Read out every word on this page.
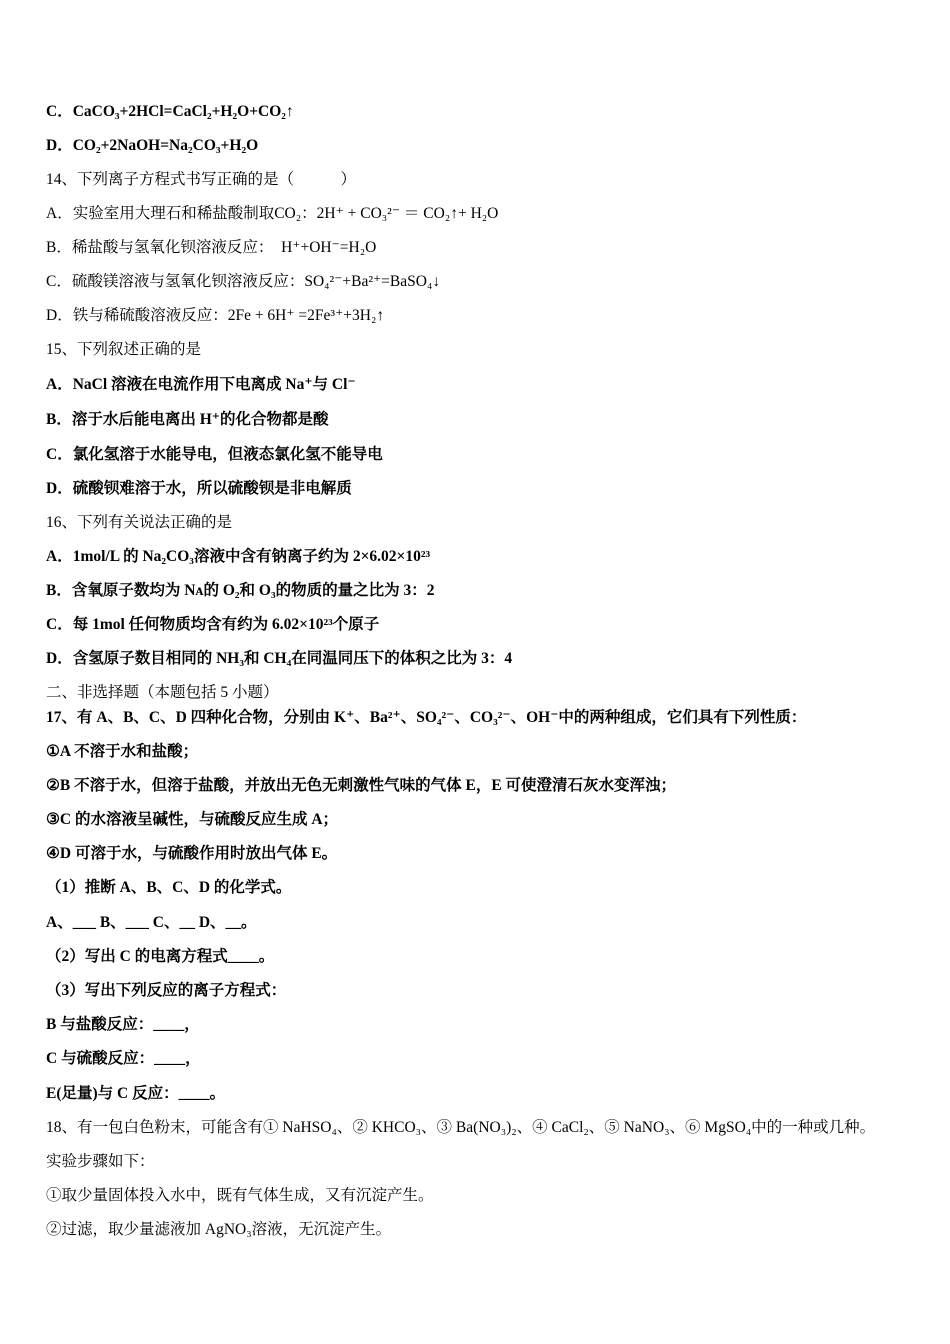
C．CaCO₃+2HCl=CaCl₂+H₂O+CO₂↑
D．CO₂+2NaOH=Na₂CO₃+H₂O
14、下列离子方程式书写正确的是（　　　）
A．实验室用大理石和稀盐酸制取CO₂：2H⁺ + CO₃²⁻ ＝ CO₂↑+ H₂O
B．稀盐酸与氢氧化钡溶液反应：　H⁺+OH⁻=H₂O
C．硫酸镁溶液与氢氧化钡溶液反应：SO₄²⁻+Ba²⁺=BaSO₄↓
D．铁与稀硫酸溶液反应：2Fe + 6H⁺ =2Fe³⁺+3H₂↑
15、下列叙述正确的是
A．NaCl 溶液在电流作用下电离成 Na⁺与 Cl⁻
B．溶于水后能电离出 H⁺的化合物都是酸
C．氯化氢溶于水能导电，但液态氯化氢不能导电
D．硫酸钡难溶于水，所以硫酸钡是非电解质
16、下列有关说法正确的是
A．1mol/L 的 Na₂CO₃溶液中含有钠离子约为 2×6.02×10²³
B．含氧原子数均为 Nᴀ的 O₂和 O₃的物质的量之比为 3：2
C．每 1mol 任何物质均含有约为 6.02×10²³个原子
D．含氢原子数目相同的 NH₃和 CH₄在同温同压下的体积之比为 3：4
二、非选择题（本题包括 5 小题）
17、有 A、B、C、D 四种化合物，分别由 K⁺、Ba²⁺、SO₄²⁻、CO₃²⁻、OH⁻中的两种组成，它们具有下列性质：
①A 不溶于水和盐酸；
②B 不溶于水，但溶于盐酸，并放出无色无刺激性气味的气体 E，E 可使澄清石灰水变浑浊；
③C 的水溶液呈碱性，与硫酸反应生成 A；
④D 可溶于水，与硫酸作用时放出气体 E。
（1）推断 A、B、C、D 的化学式。
A、___ B、___ C、__ D、__。
（2）写出 C 的电离方程式____。
（3）写出下列反应的离子方程式：
B 与盐酸反应：____，
C 与硫酸反应：____，
E(足量)与 C 反应：____。
18、有一包白色粉末，可能含有① NaHSO₄、② KHCO₃、③ Ba(NO₃)₂、④ CaCl₂、⑤ NaNO₃、⑥ MgSO₄中的一种或几种。
实验步骤如下：
①取少量固体投入水中，既有气体生成，又有沉淀产生。
②过滤，取少量滤液加 AgNO₃溶液，无沉淀产生。
